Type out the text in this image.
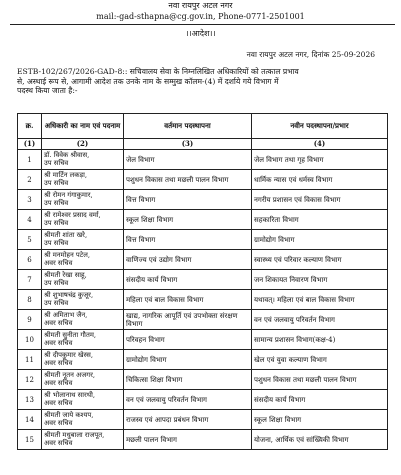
नवा रायपुर अटल नगर
mail:-gad-sthapna@cg.gov.in, Phone-0771-2501001
।।आदेश।।
नवा रायपुर अटल नगर, दिनांक 25-09-2026
ESTB-102/267/2026-GAD-8:: सचिवालय सेवा के निम्नलिखित अधिकारियों को तत्काल प्रभाव
से, अस्थाई रूप से, आगामी आदेश तक उनके नाम के सम्मुख कॉलम-(4) में दर्शाये गये विभाग में
पदस्थ किया जाता है:-
क्र.	अधिकारी का नाम एवं पदनाम	वर्तमान पदस्थापना	नवीन पदस्थापना/प्रभार
(1)	(2)	(3)	(4)
1	डॉ. विवेक श्रीवास,
उप सचिव	जेल विभाग	जेल विभाग तथा गृह विभाग
2	श्री मार्टिन लकड़ा,
उप सचिव	पशुधन विकास तथा मछली पालन विभाग	धार्मिक न्यास एवं धर्मस्व विभाग
3	श्री रोमन गंगाकुमार,
उप सचिव	वित्त विभाग	नगरीय प्रशासन एवं विकास विभाग
4	श्री रामेश्वर प्रसाद वर्मा,
उप सचिव	स्कूल शिक्षा विभाग	सहकारिता विभाग
5	श्रीमती शांता खरे,
उप सचिव	वित्त विभाग	ग्रामोद्योग विभाग
6	श्री मनमोहन पटेल,
अवर सचिव	वाणिज्य एवं उद्योग विभाग	स्वास्थ्य एवं परिवार कल्याण विभाग
7	श्रीमती रेखा साहू,
उप सचिव	संसदीय कार्य विभाग	जन शिकायत निवारण विभाग
8	श्री शुभाषचंद्र कुजूर,
उप सचिव	महिला एवं बाल विकास विभाग	यथावत्। महिला एवं बाल विकास विभाग
9	श्री अमिताभ जैन,
अवर सचिव	खाद्य, नागरिक आपूर्ति एवं उपभोक्ता संरक्षण विभाग	वन एवं जलवायु परिवर्तन विभाग
10	श्रीमती सुनीता गौतम,
अवर सचिव	परिवहन विभाग	सामान्य प्रशासन विभाग(कक्ष-4)
11	श्री दीपकुमार खेस्स,
अवर सचिव	ग्रामोद्योग विभाग	खेल एवं युवा कल्याण विभाग
12	श्रीमती नूतन अजगर,
अवर सचिव	चिकित्सा शिक्षा विभाग	पशुधन विकास तथा मछली पालन विभाग
13	श्री भोलानाथ सारथी,
अवर सचिव	वन एवं जलवायु परिवर्तन विभाग	संसदीय कार्य विभाग
14	श्रीमती जाये कश्यप,
अवर सचिव	राजस्व एवं आपदा प्रबंधन विभाग	स्कूल शिक्षा विभाग
15	श्रीमती मधुबाला राजपूत,
अवर सचिव	मछली पालन विभाग	योजना, आर्थिक एवं सांख्यिकी विभाग
